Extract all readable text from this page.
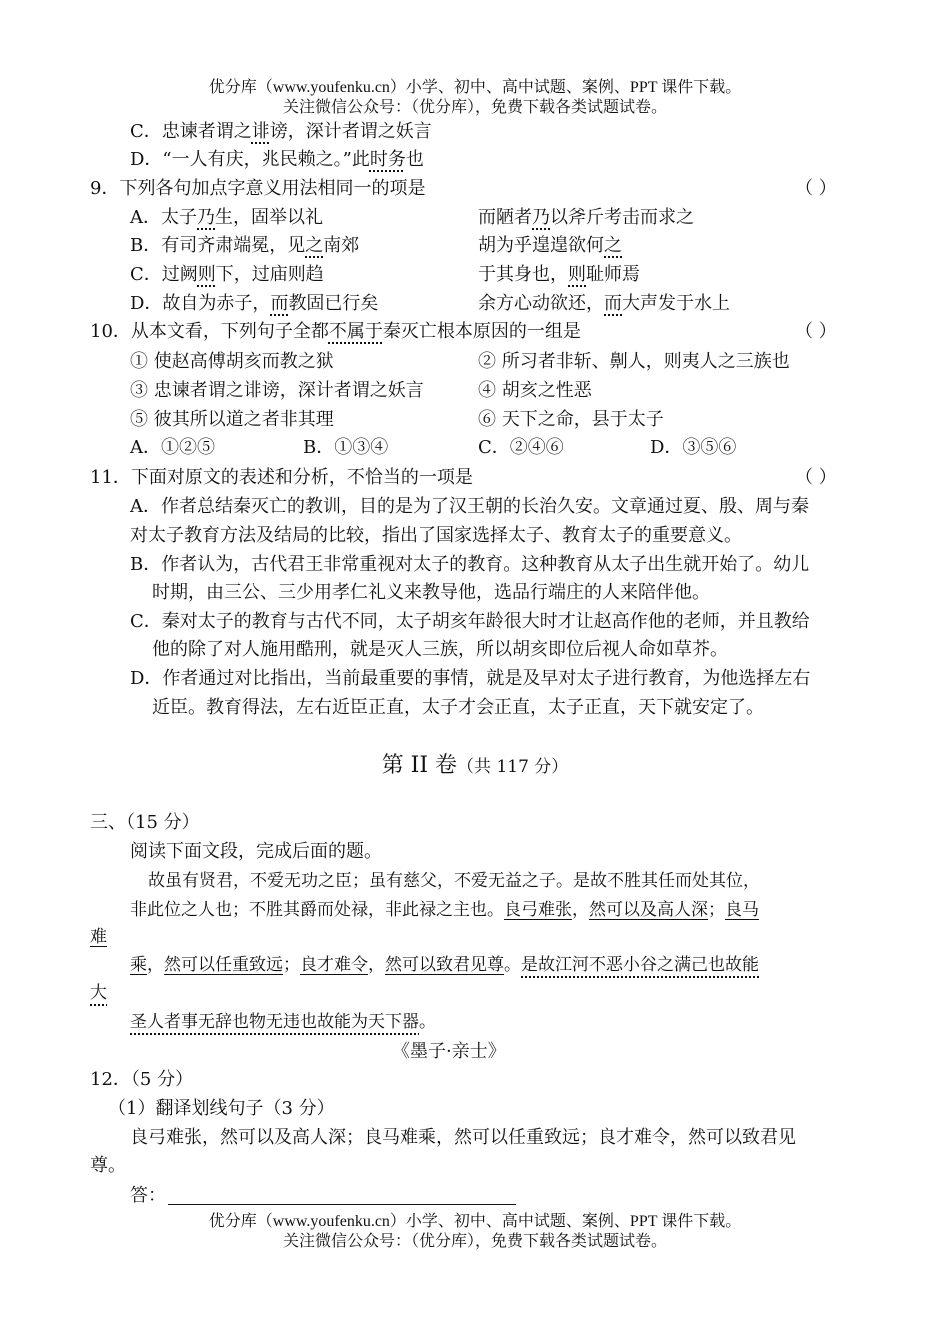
优分库（www.youfenku.cn）小学、初中、高中试题、案例、PPT 课件下载。
关注微信公众号：（优分库），免费下载各类试题试卷。
C．忠谏者谓之诽谤，深计者谓之妖言
D．“一人有庆，兆民赖之。”此时务也
9．下列各句加点字意义用法相同一的项是	（ ）
A．太子乃生，固举以礼	而陋者乃以斧斤考击而求之
B．有司齐肃端冕，见之南郊	胡为乎遑遑欲何之
C．过阙则下，过庙则趋	于其身也，则耻师焉
D．故自为赤子，而教固已行矣	余方心动欲还，而大声发于水上
10．从本文看，下列句子全都不属于秦灭亡根本原因的一组是	（ ）
① 使赵高傅胡亥而教之狱	② 所习者非斩、劓人，则夷人之三族也
③ 忠谏者谓之诽谤，深计者谓之妖言	④ 胡亥之性恶
⑤ 彼其所以道之者非其理	⑥ 天下之命，县于太子
A．①②⑤	B．①③④	C．②④⑥	D．③⑤⑥
11．下面对原文的表述和分析，不恰当的一项是	（ ）
A．作者总结秦灭亡的教训，目的是为了汉王朝的长治久安。文章通过夏、殷、周与秦
对太子教育方法及结局的比较，指出了国家选择太子、教育太子的重要意义。
B．作者认为，古代君王非常重视对太子的教育。这种教育从太子出生就开始了。幼儿
时期，由三公、三少用孝仁礼义来教导他，选品行端庄的人来陪伴他。
C．秦对太子的教育与古代不同，太子胡亥年龄很大时才让赵高作他的老师，并且教给
他的除了对人施用酷刑，就是灭人三族，所以胡亥即位后视人命如草芥。
D．作者通过对比指出，当前最重要的事情，就是及早对太子进行教育，为他选择左右
近臣。教育得法，左右近臣正直，太子才会正直，太子正直，天下就安定了。
第 II 卷（共 117 分）
三、（15 分）
阅读下面文段，完成后面的题。
故虽有贤君，不爱无功之臣；虽有慈父，不爱无益之子。是故不胜其任而处其位，
非此位之人也；不胜其爵而处禄，非此禄之主也。良弓难张，然可以及高人深；良马
难
乘，然可以任重致远；良才难令，然可以致君见尊。是故江河不恶小谷之满己也故能
大
圣人者事无辞也物无违也故能为天下器。
《墨子·亲士》
12．（5 分）
（1）翻译划线句子（3 分）
良弓难张，然可以及高人深；良马难乘，然可以任重致远；良才难令，然可以致君见
尊。
答：
优分库（www.youfenku.cn）小学、初中、高中试题、案例、PPT 课件下载。
关注微信公众号：（优分库），免费下载各类试题试卷。
